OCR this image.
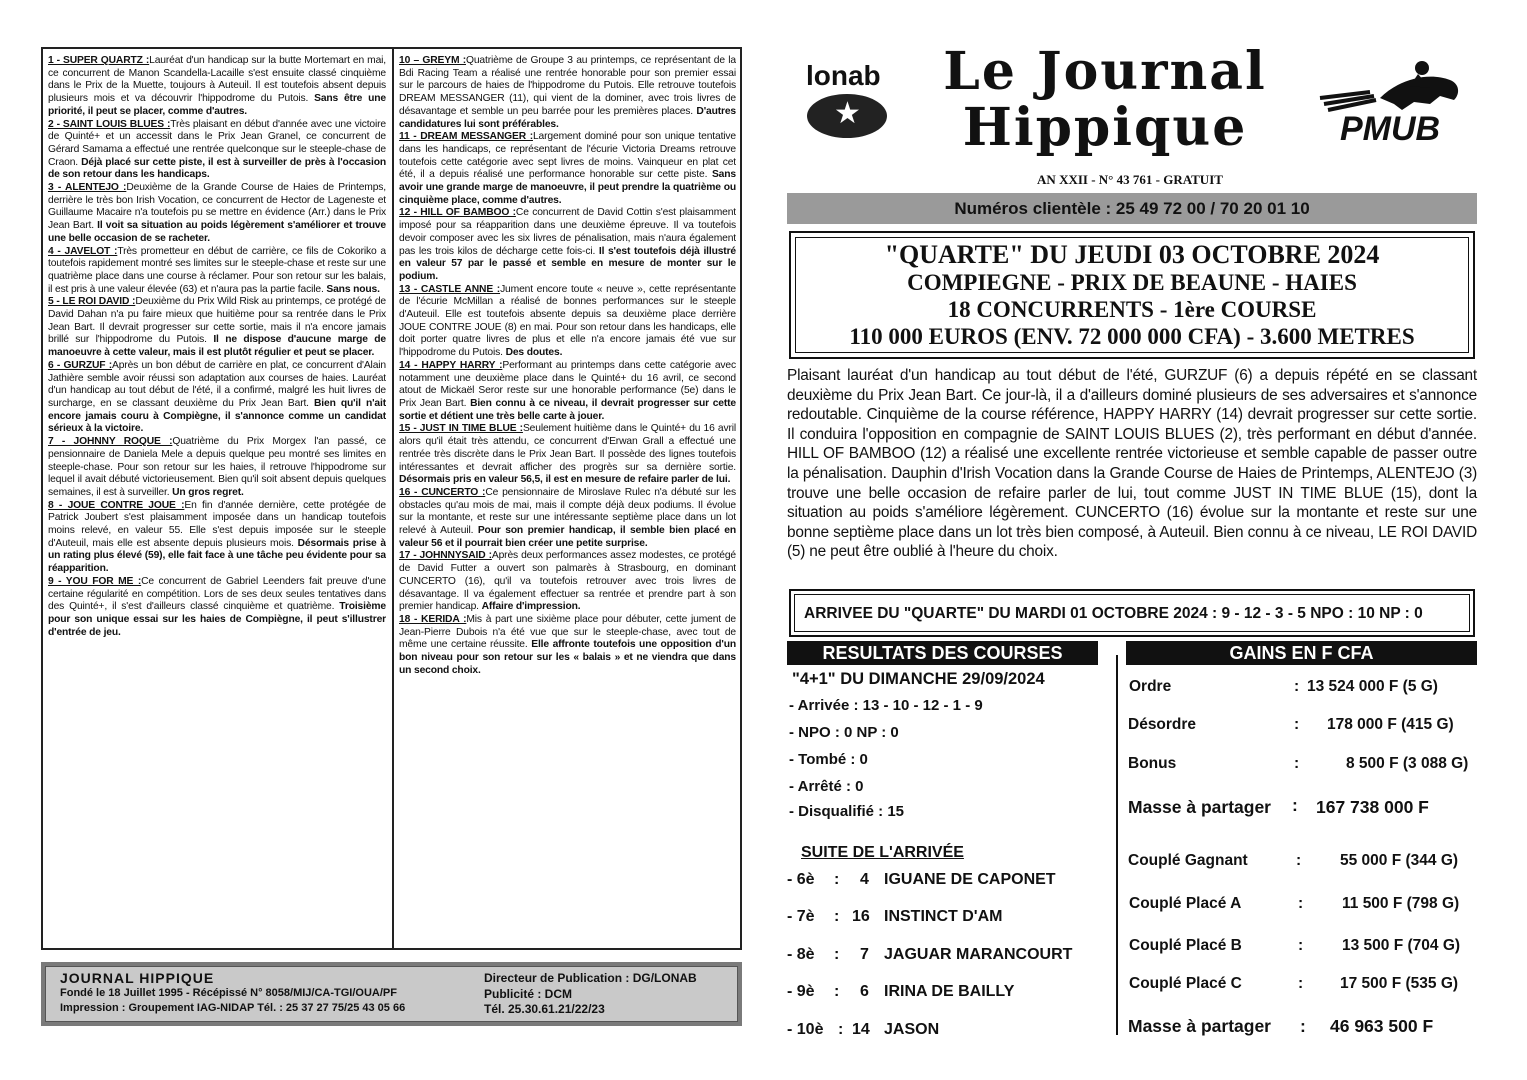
1 - SUPER QUARTZ :Lauréat d'un handicap sur la butte Mortemart en mai, ce concurrent de Manon Scandella-Lacaille s'est ensuite classé cinquième dans le Prix de la Muette, toujours à Auteuil. Il est toutefois absent depuis plusieurs mois et va découvrir l'hippodrome du Putois. Sans être une priorité, il peut se placer, comme d'autres.

2 - SAINT LOUIS BLUES :Très plaisant en début d'année avec une victoire de Quinté+ et un accessit dans le Prix Jean Granel, ce concurrent de Gérard Samama a effectué une rentrée quelconque sur le steeple-chase de Craon. Déjà placé sur cette piste, il est à surveiller de près à l'occasion de son retour dans les handicaps.

3 - ALENTEJO :Deuxième de la Grande Course de Haies de Printemps, derrière le très bon Irish Vocation, ce concurrent de Hector de Lageneste et Guillaume Macaire n'a toutefois pu se mettre en évidence (Arr.) dans le Prix Jean Bart. Il voit sa situation au poids légèrement s'améliorer et trouve une belle occasion de se racheter.

4 - JAVELOT :Très prometteur en début de carrière, ce fils de Cokoriko a toutefois rapidement montré ses limites sur le steeple-chase et reste sur une quatrième place dans une course à réclamer. Pour son retour sur les balais, il est pris à une valeur élevée (63) et n'aura pas la partie facile. Sans nous.

5 - LE ROI DAVID :Deuxième du Prix Wild Risk au printemps, ce protégé de David Dahan n'a pu faire mieux que huitième pour sa rentrée dans le Prix Jean Bart. Il devrait progresser sur cette sortie, mais il n'a encore jamais brillé sur l'hippodrome du Putois. Il ne dispose d'aucune marge de manoeuvre à cette valeur, mais il est plutôt régulier et peut se placer.

6 - GURZUF :Après un bon début de carrière en plat, ce concurrent d'Alain Jathière semble avoir réussi son adaptation aux courses de haies. Lauréat d'un handicap au tout début de l'été, il a confirmé, malgré les huit livres de surcharge, en se classant deuxième du Prix Jean Bart. Bien qu'il n'ait encore jamais couru à Compiègne, il s'annonce comme un candidat sérieux à la victoire.

7 - JOHNNY ROQUE :Quatrième du Prix Morgex l'an passé, ce pensionnaire de Daniela Mele a depuis quelque peu montré ses limites en steeple-chase. Pour son retour sur les haies, il retrouve l'hippodrome sur lequel il avait débuté victorieusement. Bien qu'il soit absent depuis quelques semaines, il est à surveiller. Un gros regret.

8 - JOUE CONTRE JOUE :En fin d'année dernière, cette protégée de Patrick Joubert s'est plaisamment imposée dans un handicap toutefois moins relevé, en valeur 55. Elle s'est depuis imposée sur le steeple d'Auteuil, mais elle est absente depuis plusieurs mois. Désormais prise à un rating plus élevé (59), elle fait face à une tâche peu évidente pour sa réapparition.

9 - YOU FOR ME :Ce concurrent de Gabriel Leenders fait preuve d'une certaine régularité en compétition. Lors de ses deux seules tentatives dans des Quinté+, il s'est d'ailleurs classé cinquième et quatrième. Troisième pour son unique essai sur les haies de Compiègne, il peut s'illustrer d'entrée de jeu.

10 – GREYM :Quatrième de Groupe 3 au printemps, ce représentant de la Bdi Racing Team a réalisé une rentrée honorable pour son premier essai sur le parcours de haies de l'hippodrome du Putois. Elle retrouve toutefois DREAM MESSANGER (11), qui vient de la dominer, avec trois livres de désavantage et semble un peu barrée pour les premières places. D'autres candidatures lui sont préférables.

11 - DREAM MESSANGER :Largement dominé pour son unique tentative dans les handicaps, ce représentant de l'écurie Victoria Dreams retrouve toutefois cette catégorie avec sept livres de moins. Vainqueur en plat cet été, il a depuis réalisé une performance honorable sur cette piste. Sans avoir une grande marge de manoeuvre, il peut prendre la quatrième ou cinquième place, comme d'autres.

12 - HILL OF BAMBOO :Ce concurrent de David Cottin s'est plaisamment imposé pour sa réapparition dans une deuxième épreuve. Il va toutefois devoir composer avec les six livres de pénalisation, mais n'aura également pas les trois kilos de décharge cette fois-ci. Il s'est toutefois déjà illustré en valeur 57 par le passé et semble en mesure de monter sur le podium.

13 - CASTLE ANNE :Jument encore toute « neuve », cette représentante de l'écurie McMillan a réalisé de bonnes performances sur le steeple d'Auteuil. Elle est toutefois absente depuis sa deuxième place derrière JOUE CONTRE JOUE (8) en mai. Pour son retour dans les handicaps, elle doit porter quatre livres de plus et elle n'a encore jamais été vue sur l'hippodrome du Putois. Des doutes.

14 - HAPPY HARRY :Performant au printemps dans cette catégorie avec notamment une deuxième place dans le Quinté+ du 16 avril, ce second atout de Mickaël Seror reste sur une honorable performance (5e) dans le Prix Jean Bart. Bien connu à ce niveau, il devrait progresser sur cette sortie et détient une très belle carte à jouer.

15 - JUST IN TIME BLUE :Seulement huitième dans le Quinté+ du 16 avril alors qu'il était très attendu, ce concurrent d'Erwan Grall a effectué une rentrée très discrète dans le Prix Jean Bart. Il possède des lignes toutefois intéressantes et devrait afficher des progrès sur sa dernière sortie. Désormais pris en valeur 56,5, il est en mesure de refaire parler de lui.

16 - CUNCERTO :Ce pensionnaire de Miroslave Rulec n'a débuté sur les obstacles qu'au mois de mai, mais il compte déjà deux podiums. Il évolue sur la montante, et reste sur une intéressante septième place dans un lot relevé à Auteuil. Pour son premier handicap, il semble bien placé en valeur 56 et il pourrait bien créer une petite surprise.

17 - JOHNNYSAID :Après deux performances assez modestes, ce protégé de David Futter a ouvert son palmarès à Strasbourg, en dominant CUNCERTO (16), qu'il va toutefois retrouver avec trois livres de désavantage. Il va également effectuer sa rentrée et prendre part à son premier handicap. Affaire d'impression.

18 - KERIDA :Mis à part une sixième place pour débuter, cette jument de Jean-Pierre Dubois n'a été vue que sur le steeple-chase, avec tout de même une certaine réussite. Elle affronte toutefois une opposition d'un bon niveau pour son retour sur les « balais » et ne viendra que dans un second choix.

JOURNAL HIPPIQUE
Fondé le 18 Juillet 1995 - Récépissé N° 8058/MIJ/CA-TGI/OUA/PF
Impression : Groupement IAG-NIDAP Tél. : 25 37 27 75/25 43 05 66
Directeur de Publication : DG/LONAB
Publicité : DCM
Tél. 25.30.61.21/22/23
lonab
★
Le Journal
Hippique	PMUB
AN XXII - N° 43 761 - GRATUIT
Numéros clientèle : 25 49 72 00 / 70 20 01 10
"QUARTE" DU JEUDI 03 OCTOBRE 2024
COMPIEGNE - PRIX DE BEAUNE - HAIES
18 CONCURRENTS - 1ère COURSE
110 000 EUROS (ENV. 72 000 000 CFA) - 3.600 METRES
Plaisant lauréat d'un handicap au tout début de l'été, GURZUF (6) a depuis répété en se classant deuxième du Prix Jean Bart. Ce jour-là, il a d'ailleurs dominé plusieurs de ses adversaires et s'annonce redoutable. Cinquième de la course référence, HAPPY HARRY (14) devrait progresser sur cette sortie. Il conduira l'opposition en compagnie de SAINT LOUIS BLUES (2), très performant en début d'année. HILL OF BAMBOO (12) a réalisé une excellente rentrée victorieuse et semble capable de passer outre la pénalisation. Dauphin d'Irish Vocation dans la Grande Course de Haies de Printemps, ALENTEJO (3) trouve une belle occasion de refaire parler de lui, tout comme JUST IN TIME BLUE (15), dont la situation au poids s'améliore légèrement. CUNCERTO (16) évolue sur la montante et reste sur une bonne septième place dans un lot très bien composé, à Auteuil. Bien connu à ce niveau, LE ROI DAVID (5) ne peut être oublié à l'heure du choix.
ARRIVEE DU "QUARTE" DU MARDI 01 OCTOBRE 2024 : 9 - 12 - 3 - 5 NPO : 10 NP : 0
RESULTATS DES COURSES	GAINS EN F CFA
"4+1" DU DIMANCHE 29/09/2024
- Arrivée : 13 - 10 - 12 - 1 - 9
- NPO : 0 NP : 0
- Tombé : 0
- Arrêté : 0
- Disqualifié : 15
SUITE DE L'ARRIVÉE
- 6è : 4 IGUANE DE CAPONET
- 7è : 16 INSTINCT D'AM
- 8è : 7 JAGUAR MARANCOURT
- 9è : 6 IRINA DE BAILLY
- 10è : 14 JASON
Ordre	: 13 524 000 F (5 G)
Désordre	: 178 000 F (415 G)
Bonus	:	8 500 F (3 088 G)
Masse à partager : 167 738 000 F
Couplé Gagnant	:	55 000 F (344 G)
Couplé Placé A	:	11 500 F (798 G)
Couplé Placé B	:	13 500 F (704 G)
Couplé Placé C	: 17 500 F (535 G)
Masse à partager : 46 963 500 F
